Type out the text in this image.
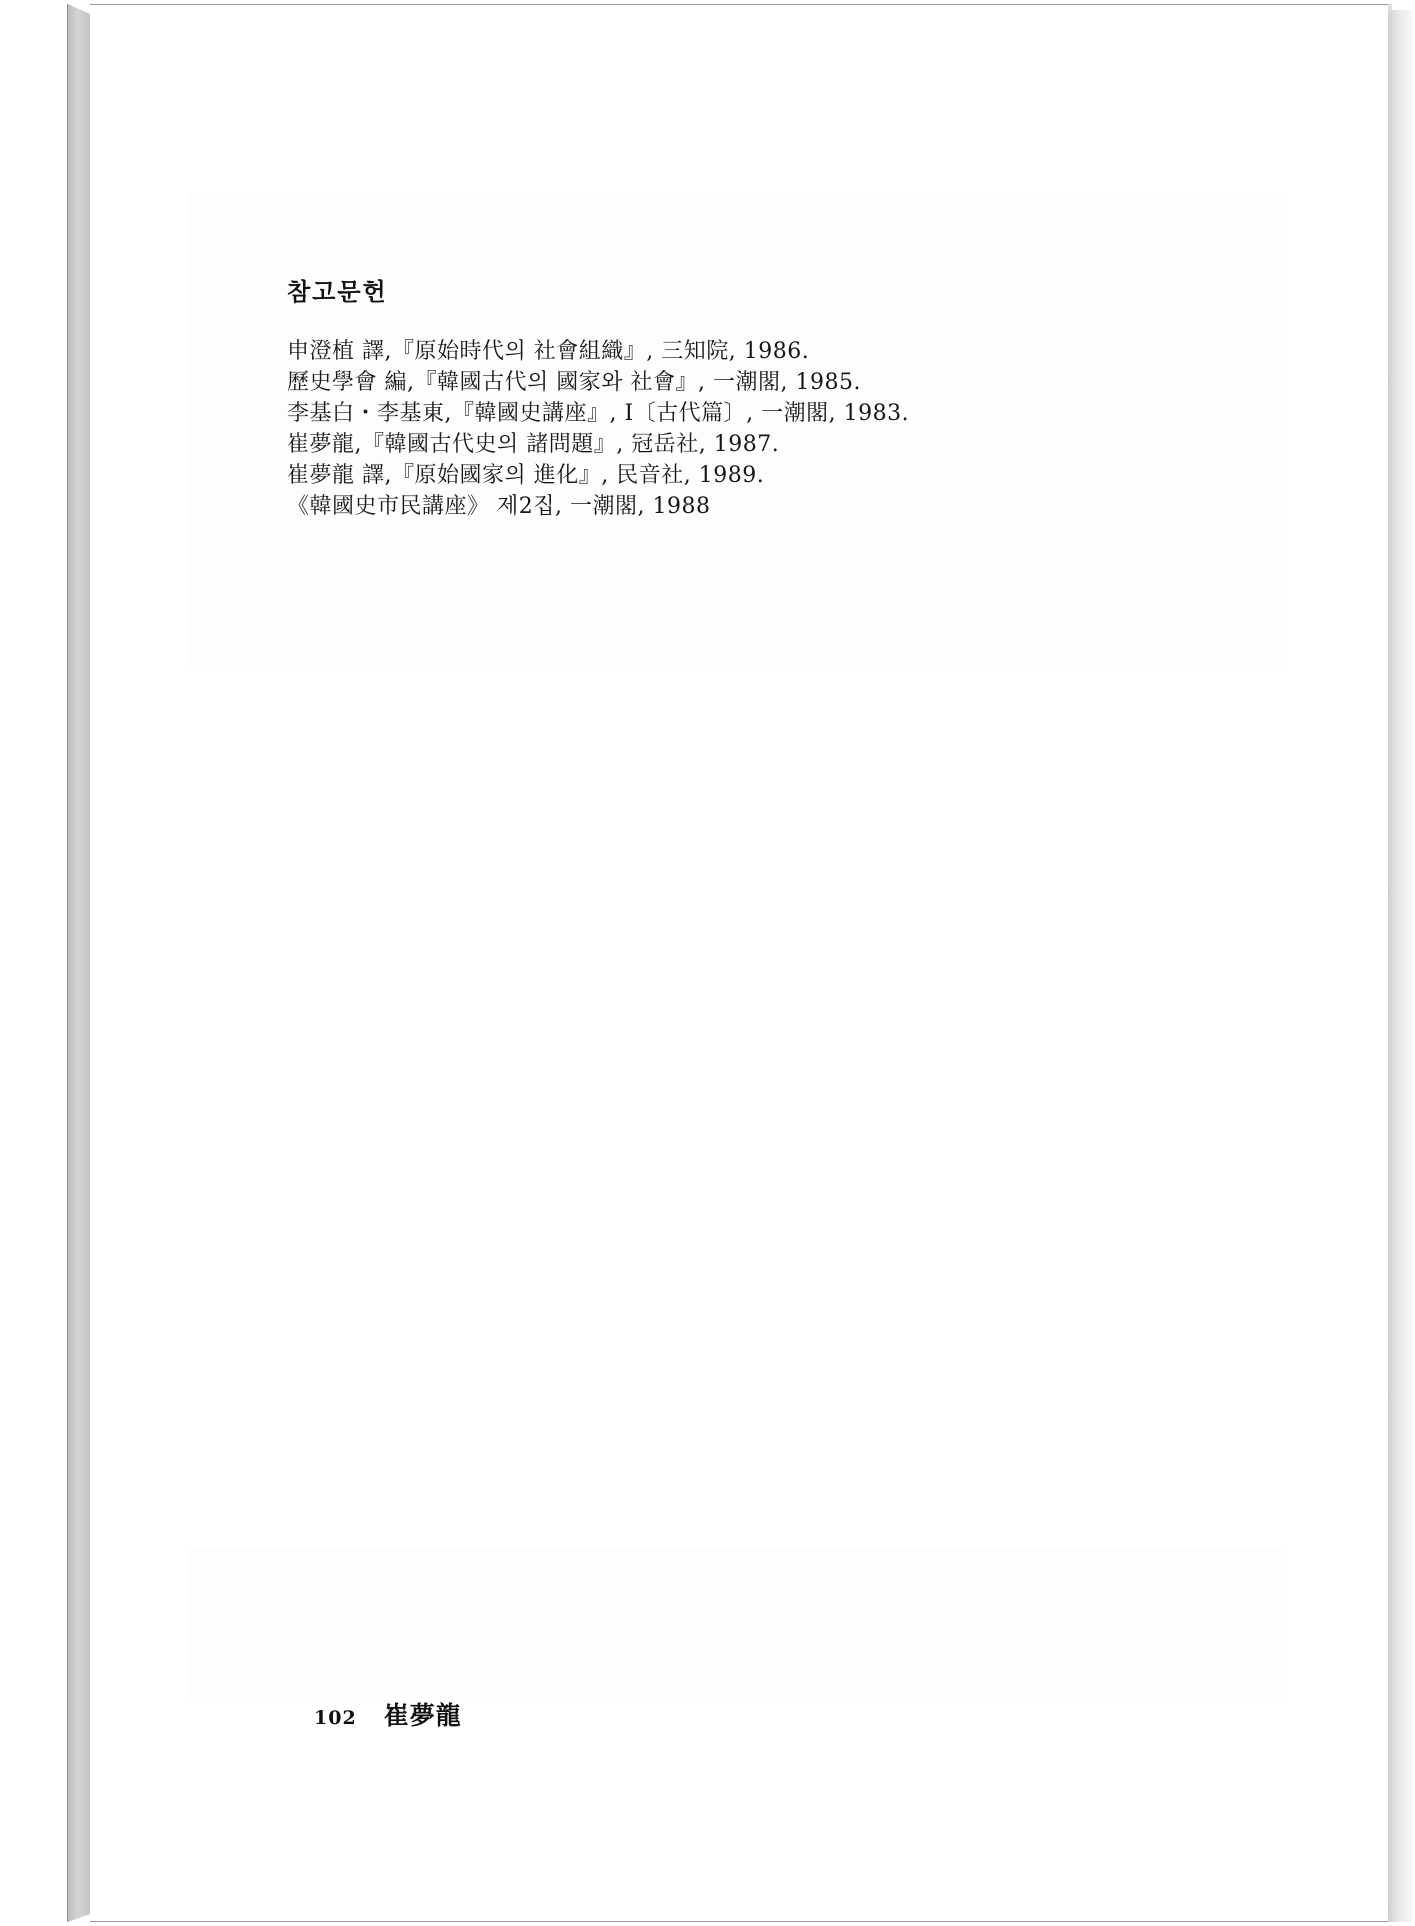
참고문헌
申澄植 譯,『原始時代의 社會組織』, 三知院, 1986.
歷史學會 編,『韓國古代의 國家와 社會』, 一潮閣, 1985.
李基白・李基東,『韓國史講座』, Ⅰ〔古代篇〕, 一潮閣, 1983.
崔夢龍,『韓國古代史의 諸問題』, 冠岳社, 1987.
崔夢龍 譯,『原始國家의 進化』, 民音社, 1989.
《韓國史市民講座》 제2집, 一潮閣, 1988
102 崔夢龍
